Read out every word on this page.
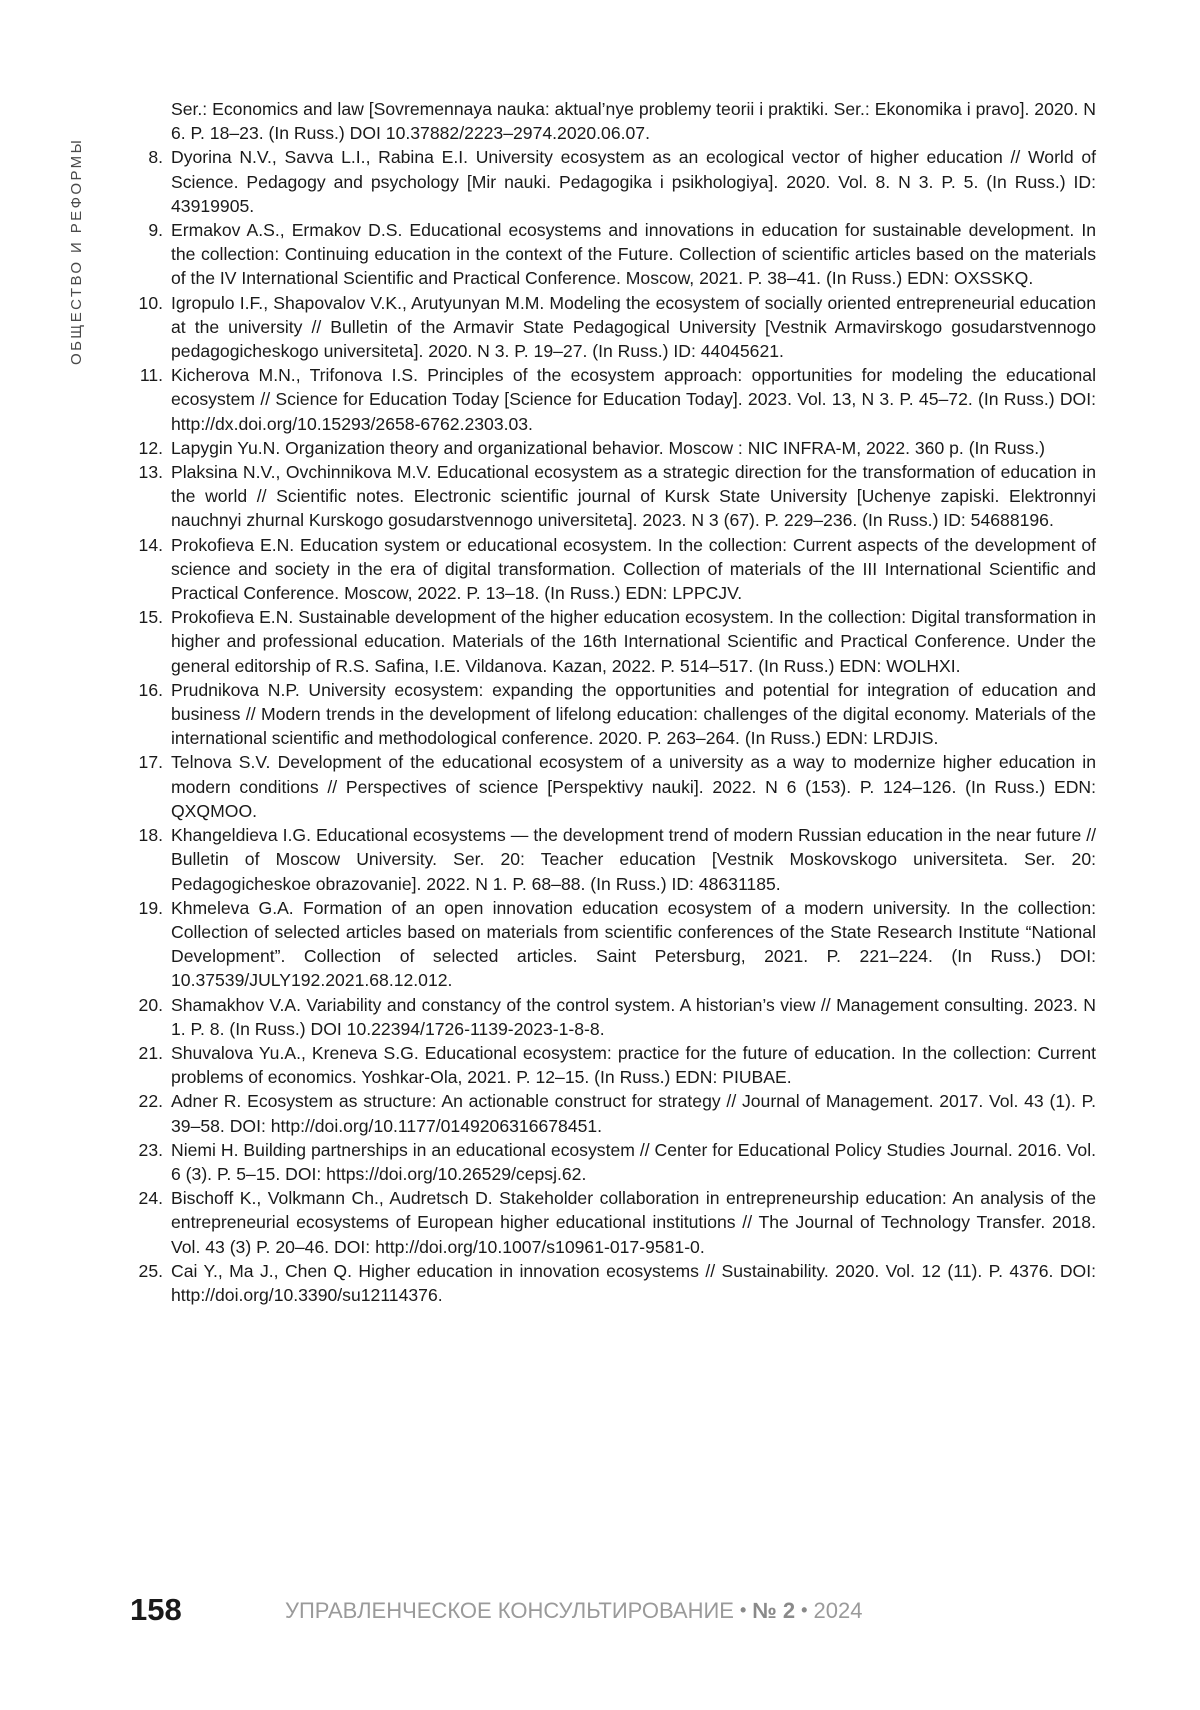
ОБЩЕСТВО И РЕФОРМЫ
Ser.: Economics and law [Sovremennaya nauka: aktual’nye problemy teorii i praktiki. Ser.: Ekonomika i pravo]. 2020. N 6. P. 18–23. (In Russ.) DOI 10.37882/2223–2974.2020.06.07.
8. Dyorina N.V., Savva L.I., Rabina E.I. University ecosystem as an ecological vector of higher education // World of Science. Pedagogy and psychology [Mir nauki. Pedagogika i psikhologiya]. 2020. Vol. 8. N 3. P. 5. (In Russ.) ID: 43919905.
9. Ermakov A.S., Ermakov D.S. Educational ecosystems and innovations in education for sustainable development. In the collection: Continuing education in the context of the Future. Collection of scientific articles based on the materials of the IV International Scientific and Practical Conference. Moscow, 2021. P. 38–41. (In Russ.) EDN: OXSSKQ.
10. Igropulo I.F., Shapovalov V.K., Arutyunyan M.M. Modeling the ecosystem of socially oriented entrepreneurial education at the university // Bulletin of the Armavir State Pedagogical University [Vestnik Armavirskogo gosudarstvennogo pedagogicheskogo universiteta]. 2020. N 3. P. 19–27. (In Russ.) ID: 44045621.
11. Kicherova M.N., Trifonova I.S. Principles of the ecosystem approach: opportunities for modeling the educational ecosystem // Science for Education Today [Science for Education Today]. 2023. Vol. 13, N 3. P. 45–72. (In Russ.) DOI: http://dx.doi.org/10.15293/2658-6762.2303.03.
12. Lapygin Yu.N. Organization theory and organizational behavior. Moscow : NIC INFRA-M, 2022. 360 p. (In Russ.)
13. Plaksina N.V., Ovchinnikova M.V. Educational ecosystem as a strategic direction for the transformation of education in the world // Scientific notes. Electronic scientific journal of Kursk State University [Uchenye zapiski. Elektronnyi nauchnyi zhurnal Kurskogo gosudarstvennogo universiteta]. 2023. N 3 (67). P. 229–236. (In Russ.) ID: 54688196.
14. Prokofieva E.N. Education system or educational ecosystem. In the collection: Current aspects of the development of science and society in the era of digital transformation. Collection of materials of the III International Scientific and Practical Conference. Moscow, 2022. P. 13–18. (In Russ.) EDN: LPPCJV.
15. Prokofieva E.N. Sustainable development of the higher education ecosystem. In the collection: Digital transformation in higher and professional education. Materials of the 16th International Scientific and Practical Conference. Under the general editorship of R.S. Safina, I.E. Vildanova. Kazan, 2022. P. 514–517. (In Russ.) EDN: WOLHXI.
16. Prudnikova N.P. University ecosystem: expanding the opportunities and potential for integration of education and business // Modern trends in the development of lifelong education: challenges of the digital economy. Materials of the international scientific and methodological conference. 2020. P. 263–264. (In Russ.) EDN: LRDJIS.
17. Telnova S.V. Development of the educational ecosystem of a university as a way to modernize higher education in modern conditions // Perspectives of science [Perspektivy nauki]. 2022. N 6 (153). P. 124–126. (In Russ.) EDN: QXQMOO.
18. Khangeldieva I.G. Educational ecosystems — the development trend of modern Russian education in the near future // Bulletin of Moscow University. Ser. 20: Teacher education [Vestnik Moskovskogo universiteta. Ser. 20: Pedagogicheskoe obrazovanie]. 2022. N 1. P. 68–88. (In Russ.) ID: 48631185.
19. Khmeleva G.A. Formation of an open innovation education ecosystem of a modern university. In the collection: Collection of selected articles based on materials from scientific conferences of the State Research Institute “National Development”. Collection of selected articles. Saint Petersburg, 2021. P. 221–224. (In Russ.) DOI: 10.37539/JULY192.2021.68.12.012.
20. Shamakhov V.A. Variability and constancy of the control system. A historian’s view // Management consulting. 2023. N 1. P. 8. (In Russ.) DOI 10.22394/1726-1139-2023-1-8-8.
21. Shuvalova Yu.A., Kreneva S.G. Educational ecosystem: practice for the future of education. In the collection: Current problems of economics. Yoshkar-Ola, 2021. P. 12–15. (In Russ.) EDN: PIUBAE.
22. Adner R. Ecosystem as structure: An actionable construct for strategy // Journal of Management. 2017. Vol. 43 (1). P. 39–58. DOI: http://doi.org/10.1177/0149206316678451.
23. Niemi H. Building partnerships in an educational ecosystem // Center for Educational Policy Studies Journal. 2016. Vol. 6 (3). P. 5–15. DOI: https://doi.org/10.26529/cepsj.62.
24. Bischoff K., Volkmann Ch., Audretsch D. Stakeholder collaboration in entrepreneurship education: An analysis of the entrepreneurial ecosystems of European higher educational institutions // The Journal of Technology Transfer. 2018. Vol. 43 (3) P. 20–46. DOI: http://doi.org/10.1007/s10961-017-9581-0.
25. Cai Y., Ma J., Chen Q. Higher education in innovation ecosystems // Sustainability. 2020. Vol. 12 (11). P. 4376. DOI: http://doi.org/10.3390/su12114376.
158	УПРАВЛЕНЧЕСКОЕ КОНСУЛЬТИРОВАНИЕ • № 2 • 2024
